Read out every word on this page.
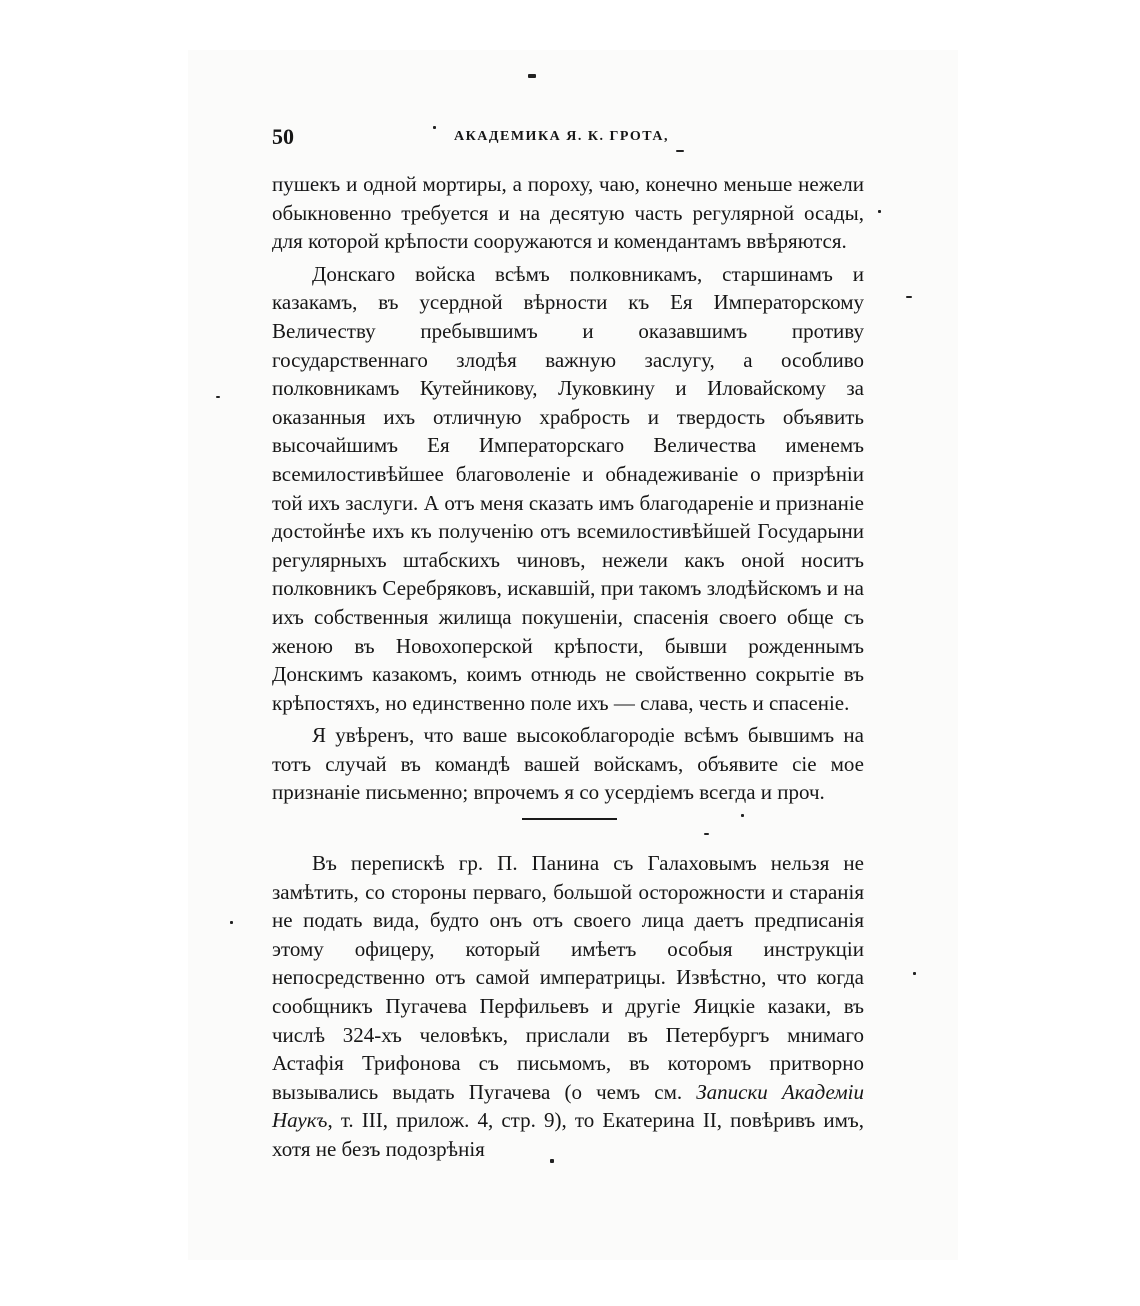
50	АКАДЕМИКА Я. К. ГРОТА,

пушекъ и одной мортиры, а пороху, чаю, конечно меньше нежели обыкновенно требуется и на десятую часть регулярной осады, для которой крѣпости сооружаются и комендантамъ ввѣряются.

Донскаго войска всѣмъ полковникамъ, старшинамъ и казакамъ, въ усердной вѣрности къ Ея Императорскому Величеству пребывшимъ и оказавшимъ противу государственнаго злодѣя важную заслугу, а особливо полковникамъ Кутейникову, Луковкину и Иловайскому за оказанныя ихъ отличную храбрость и твердость объявить высочайшимъ Ея Императорскаго Величества именемъ всемилостивѣйшее благоволеніе и обнадеживаніе о призрѣніи той ихъ заслуги. А отъ меня сказать имъ благодареніе и признаніе достойнѣе ихъ къ полученію отъ всемилостивѣйшей Государыни регулярныхъ штабскихъ чиновъ, нежели какъ оной носитъ полковникъ Серебряковъ, искавшій, при такомъ злодѣйскомъ и на ихъ собственныя жилища покушеніи, спасенія своего обще съ женою въ Новохоперской крѣпости, бывши рожденнымъ Донскимъ казакомъ, коимъ отнюдь не свойственно сокрытіе въ крѣпостяхъ, но единственно поле ихъ — слава, честь и спасеніе.

Я увѣренъ, что ваше высокоблагородіе всѣмъ бывшимъ на тотъ случай въ командѣ вашей войскамъ, объявите сіе мое признаніе письменно; впрочемъ я со усердіемъ всегда и проч.

Въ перепискѣ гр. П. Панина съ Галаховымъ нельзя не замѣтить, со стороны перваго, большой осторожности и старанія не подать вида, будто онъ отъ своего лица даетъ предписанія этому офицеру, который имѣетъ особыя инструкціи непосредственно отъ самой императрицы. Извѣстно, что когда сообщникъ Пугачева Перфильевъ и другіе Яицкіе казаки, въ числѣ 324-хъ человѣкъ, прислали въ Петербургъ мнимаго Астафія Трифонова съ письмомъ, въ которомъ притворно вызывались выдать Пугачева (о чемъ см. Записки Академіи Наукъ, т. III, прилож. 4, стр. 9), то Екатерина II, повѣривъ имъ, хотя не безъ подозрѣнія
